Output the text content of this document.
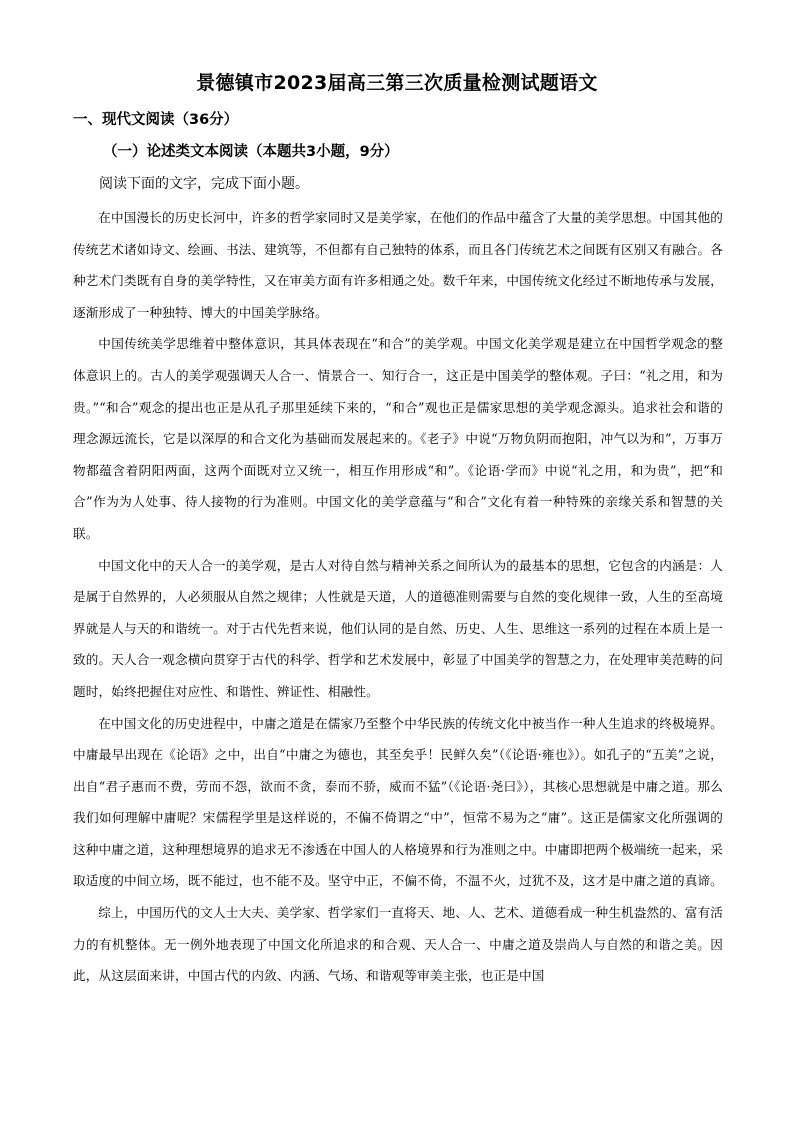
景德镇市2023届高三第三次质量检测试题语文
一、现代文阅读（36分）
（一）论述类文本阅读（本题共3小题，9分）

阅读下面的文字，完成下面小题。

在中国漫长的历史长河中，许多的哲学家同时又是美学家，在他们的作品中蕴含了大量的美学思想。中国其他的传统艺术诸如诗文、绘画、书法、建筑等，不但都有自己独特的体系，而且各门传统艺术之间既有区别又有融合。各种艺术门类既有自身的美学特性，又在审美方面有许多相通之处。数千年来，中国传统文化经过不断地传承与发展，逐渐形成了一种独特、博大的中国美学脉络。

中国传统美学思维着中整体意识，其具体表现在“和合”的美学观。中国文化美学观是建立在中国哲学观念的整体意识上的。古人的美学观强调天人合一、情景合一、知行合一，这正是中国美学的整体观。子曰：“礼之用，和为贵。”“和合”观念的提出也正是从孔子那里延续下来的，“和合”观也正是儒家思想的美学观念源头。追求社会和谐的理念源远流长，它是以深厚的和合文化为基础而发展起来的。《老子》中说“万物负阴而抱阳，冲气以为和”，万事万物都蕴含着阴阳两面，这两个面既对立又统一，相互作用形成“和”。《论语·学而》中说“礼之用，和为贵”，把“和合”作为为人处事、待人接物的行为准则。中国文化的美学意蕴与“和合”文化有着一种特殊的亲缘关系和智慧的关联。

中国文化中的天人合一的美学观，是古人对待自然与精神关系之间所认为的最基本的思想，它包含的内涵是：人是属于自然界的，人必须服从自然之规律；人性就是天道，人的道德准则需要与自然的变化规律一致，人生的至高境界就是人与天的和谐统一。对于古代先哲来说，他们认同的是自然、历史、人生、思维这一系列的过程在本质上是一致的。天人合一观念横向贯穿于古代的科学、哲学和艺术发展中，彰显了中国美学的智慧之力，在处理审美范畴的问题时，始终把握住对应性、和谐性、辨证性、相融性。

在中国文化的历史进程中，中庸之道是在儒家乃至整个中华民族的传统文化中被当作一种人生追求的终极境界。中庸最早出现在《论语》之中，出自“中庸之为德也，其至矣乎！民鲜久矣”（《论语·雍也》）。如孔子的“五美”之说，出自“君子惠而不费，劳而不怨，欲而不贪，泰而不骄，威而不猛”（《论语·尧曰》），其核心思想就是中庸之道。那么我们如何理解中庸呢？宋儒程学里是这样说的，不偏不倚谓之“中”，恒常不易为之“庸”。这正是儒家文化所强调的这种中庸之道，这种理想境界的追求无不渗透在中国人的人格境界和行为准则之中。中庸即把两个极端统一起来，采取适度的中间立场，既不能过，也不能不及。坚守中正，不偏不倚，不温不火，过犹不及，这才是中庸之道的真谛。

综上，中国历代的文人士大夫、美学家、哲学家们一直将天、地、人、艺术、道德看成一种生机盎然的、富有活力的有机整体。无一例外地表现了中国文化所追求的和合观、天人合一、中庸之道及崇尚人与自然的和谐之美。因此，从这层面来讲，中国古代的内敛、内涵、气场、和谐观等审美主张，也正是中国
